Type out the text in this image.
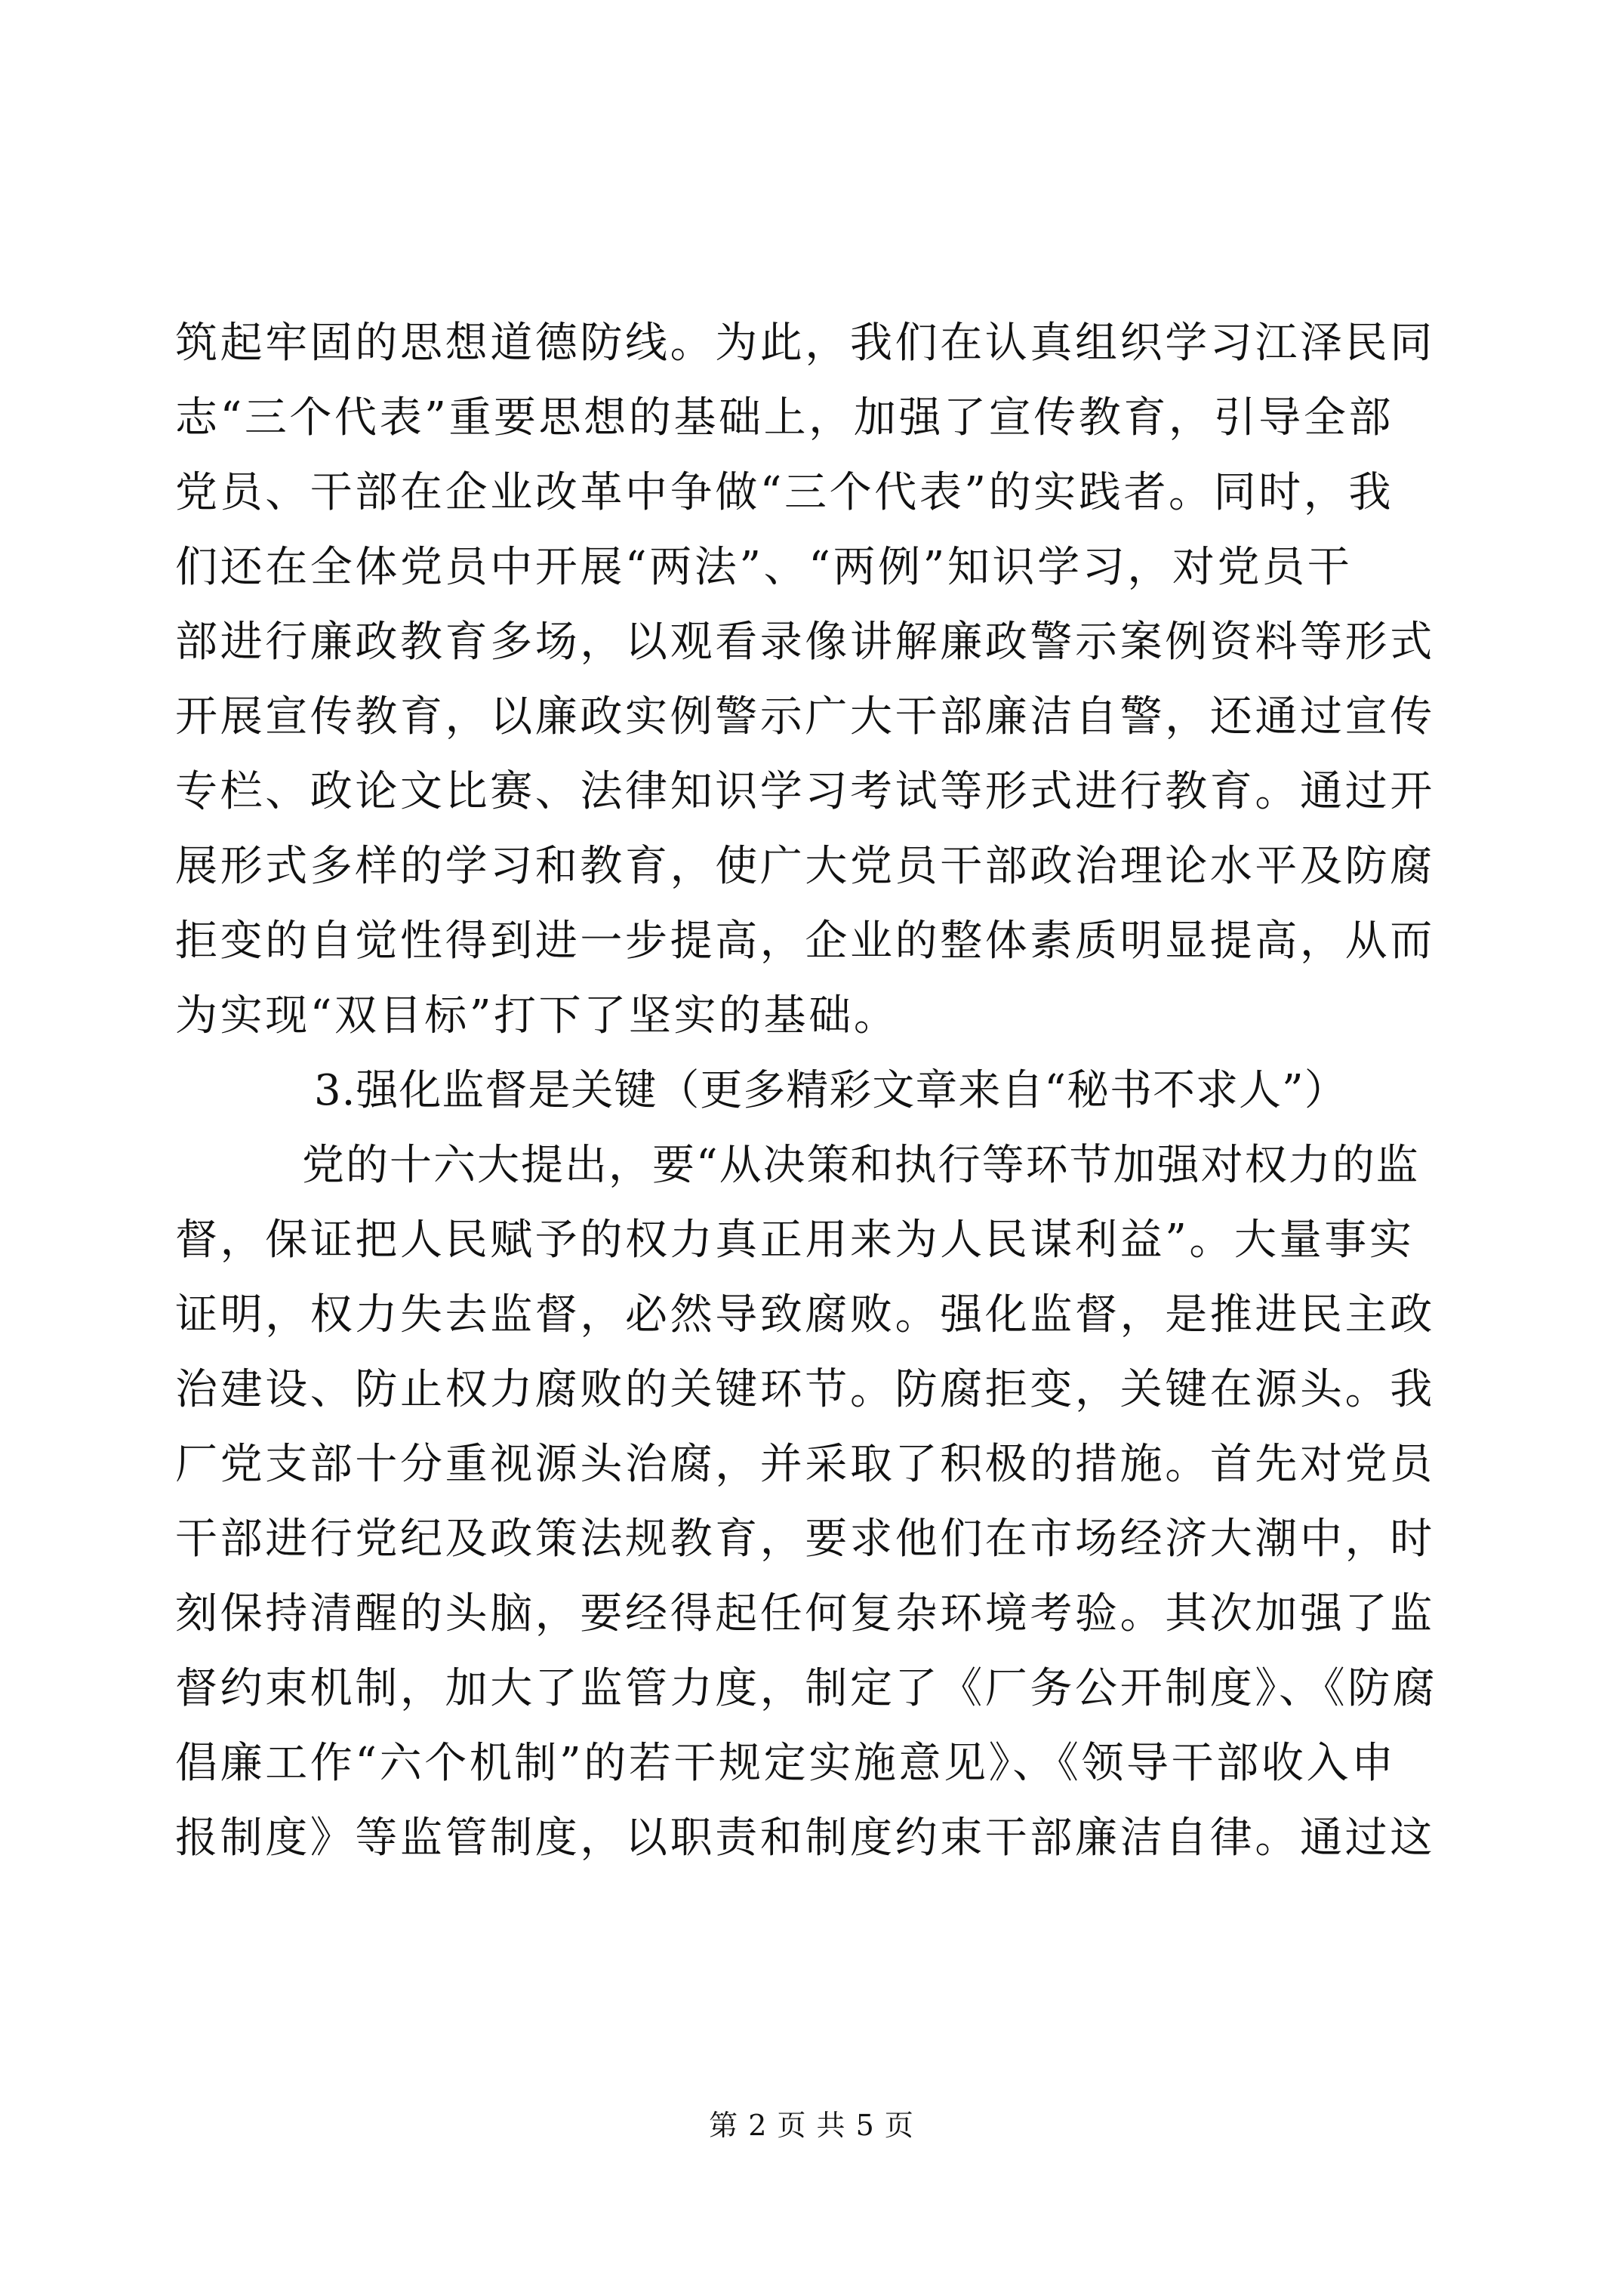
筑起牢固的思想道德防线。为此，我们在认真组织学习江泽民同
志“三个代表”重要思想的基础上，加强了宣传教育，引导全部
党员、干部在企业改革中争做“三个代表”的实践者。同时，我
们还在全体党员中开展“两法”、“两例”知识学习，对党员干
部进行廉政教育多场，以观看录像讲解廉政警示案例资料等形式
开展宣传教育，以廉政实例警示广大干部廉洁自警，还通过宣传
专栏、政论文比赛、法律知识学习考试等形式进行教育。通过开
展形式多样的学习和教育，使广大党员干部政治理论水平及防腐
拒变的自觉性得到进一步提高，企业的整体素质明显提高，从而
为实现“双目标”打下了坚实的基础。
3.强化监督是关键（更多精彩文章来自“秘书不求人”）
党的十六大提出，要“从决策和执行等环节加强对权力的监
督，保证把人民赋予的权力真正用来为人民谋利益”。大量事实
证明，权力失去监督，必然导致腐败。强化监督，是推进民主政
治建设、防止权力腐败的关键环节。防腐拒变，关键在源头。我
厂党支部十分重视源头治腐，并采取了积极的措施。首先对党员
干部进行党纪及政策法规教育，要求他们在市场经济大潮中，时
刻保持清醒的头脑，要经得起任何复杂环境考验。其次加强了监
督约束机制，加大了监管力度，制定了《厂务公开制度》、《防腐
倡廉工作“六个机制”的若干规定实施意见》、《领导干部收入申
报制度》等监管制度，以职责和制度约束干部廉洁自律。通过这
第 2 页 共 5 页
